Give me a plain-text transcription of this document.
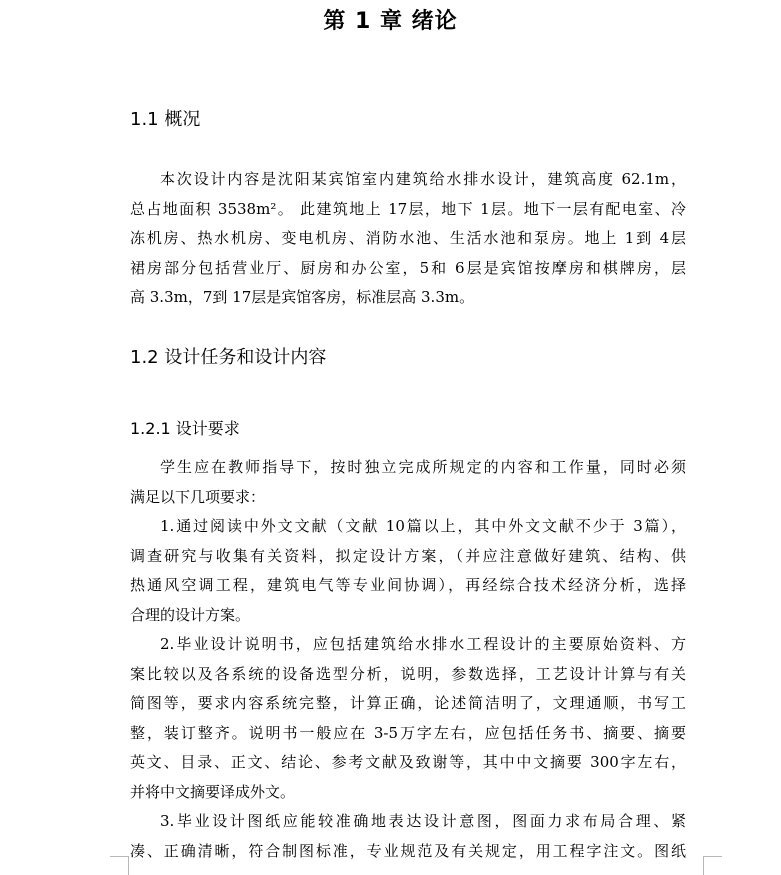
第 1 章 绪论
1.1 概况
本次设计内容是沈阳某宾馆室内建筑给水排水设计，建筑高度 62.1m，
总占地面积 3538m²。 此建筑地上 17层，地下 1层。地下一层有配电室、冷
冻机房、热水机房、变电机房、消防水池、生活水池和泵房。地上 1到 4层
裙房部分包括营业厅、厨房和办公室，5和 6层是宾馆按摩房和棋牌房，层
高 3.3m，7到 17层是宾馆客房，标准层高 3.3m。
1.2 设计任务和设计内容
1.2.1 设计要求
学生应在教师指导下，按时独立完成所规定的内容和工作量，同时必须
满足以下几项要求：
1.通过阅读中外文文献（文献 10篇以上，其中外文文献不少于 3篇），
调查研究与收集有关资料，拟定设计方案，（并应注意做好建筑、结构、供
热通风空调工程，建筑电气等专业间协调），再经综合技术经济分析，选择
合理的设计方案。
2.毕业设计说明书，应包括建筑给水排水工程设计的主要原始资料、方
案比较以及各系统的设备选型分析，说明，参数选择，工艺设计计算与有关
简图等，要求内容系统完整，计算正确，论述简洁明了，文理通顺，书写工
整，装订整齐。说明书一般应在 3-5万字左右，应包括任务书、摘要、摘要
英文、目录、正文、结论、参考文献及致谢等，其中中文摘要 300字左右，
并将中文摘要译成外文。
3.毕业设计图纸应能较准确地表达设计意图，图面力求布局合理、紧
凑、正确清晰，符合制图标准，专业规范及有关规定，用工程字注文。图纸
